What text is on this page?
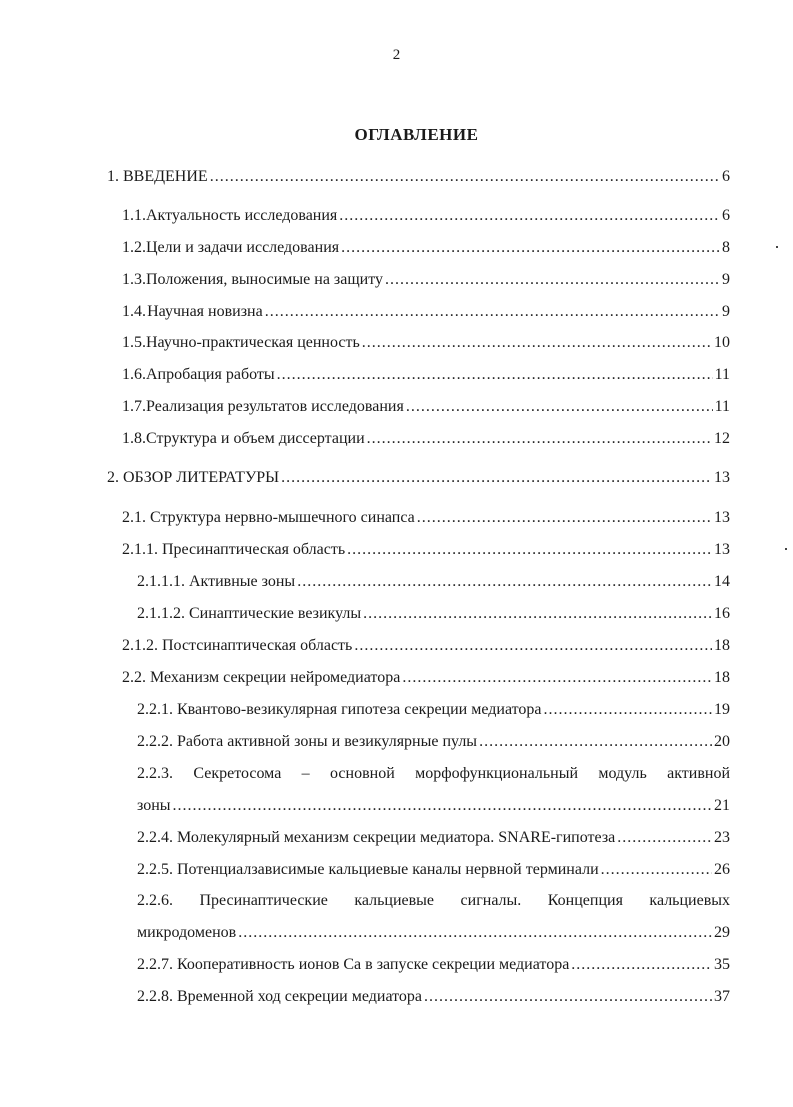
2
ОГЛАВЛЕНИЕ
1. ВВЕДЕНИЕ .....	6
1.1. Актуальность исследования .....	6
1.2. Цели и задачи исследования .....	8
1.3. Положения, выносимые на защиту .....	9
1.4. Научная новизна .....	9
1.5. Научно-практическая ценность .....	10
1.6. Апробация работы .....	11
1.7. Реализация результатов исследования .....	11
1.8. Структура и объем диссертации .....	12
2. ОБЗОР ЛИТЕРАТУРЫ .....	13
2.1. Структура нервно-мышечного синапса .....	13
2.1.1. Пресинаптическая область .....	13
2.1.1.1. Активные зоны .....	14
2.1.1.2. Синаптические везикулы .....	16
2.1.2. Постсинаптическая область .....	18
2.2. Механизм секреции нейромедиатора .....	18
2.2.1. Квантово-везикулярная гипотеза секреции медиатора .....	19
2.2.2. Работа активной зоны и везикулярные пулы .....	20
2.2.3. Секретосома – основной морфофункциональный модуль активной
зоны .....	21
2.2.4. Молекулярный механизм секреции медиатора. SNARE-гипотеза .....	23
2.2.5. Потенциалзависимые кальциевые каналы нервной терминали .....	26
2.2.6. Пресинаптические кальциевые сигналы. Концепция кальциевых
микродоменов .....	29
2.2.7. Кооперативность ионов Са в запуске секреции медиатора .....	35
2.2.8. Временной ход секреции медиатора .....	37
